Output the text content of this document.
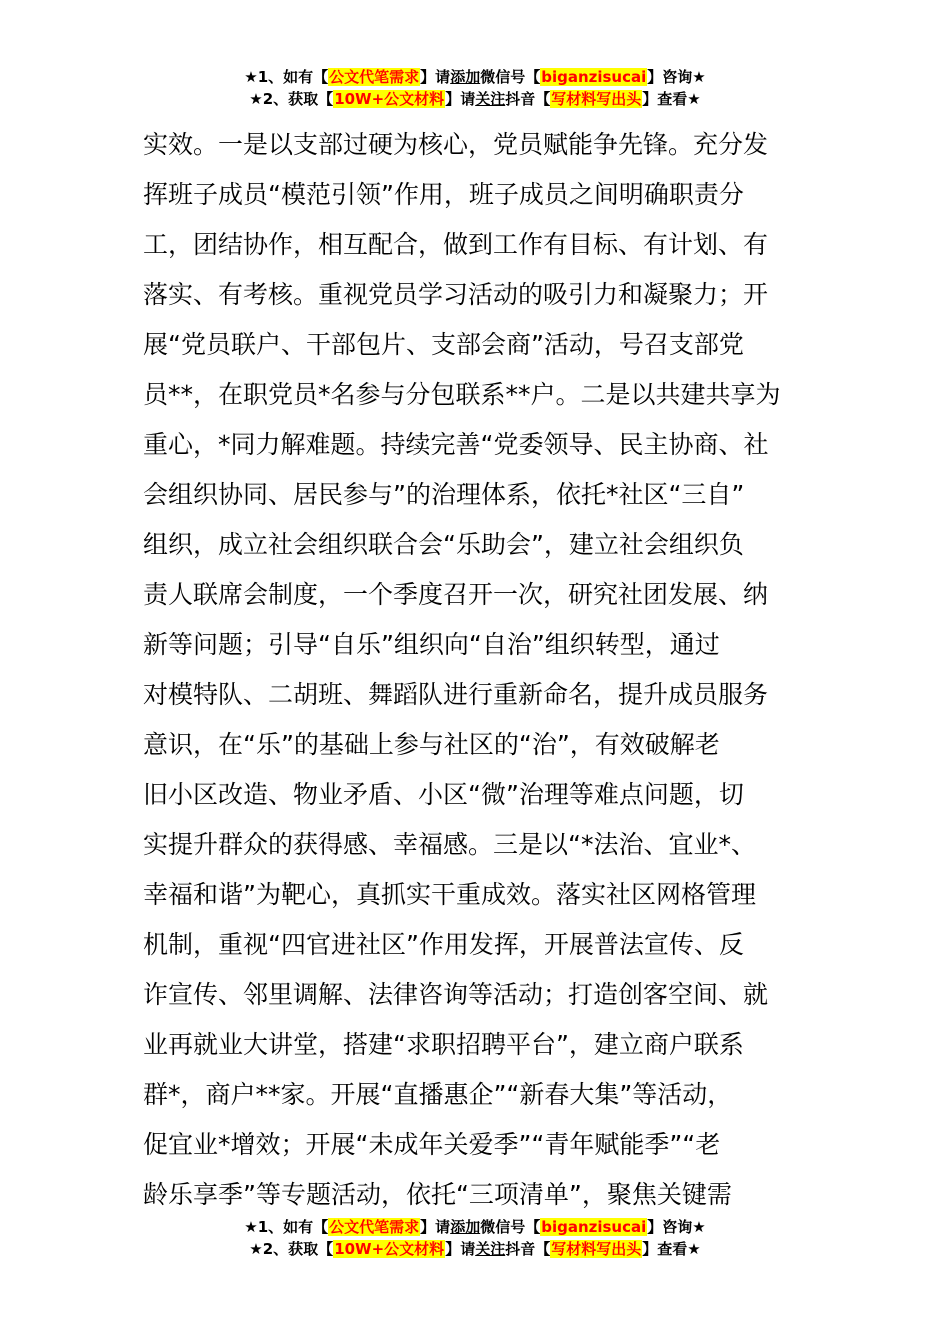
★1、如有【公文代笔需求】请添加微信号【biganzisucai】咨询★
★2、获取【10W+公文材料】请关注抖音【写材料写出头】查看★
实效。一是以支部过硬为核心，党员赋能争先锋。充分发
挥班子成员“模范引领”作用，班子成员之间明确职责分
工，团结协作，相互配合，做到工作有目标、有计划、有
落实、有考核。重视党员学习活动的吸引力和凝聚力；开
展“党员联户、干部包片、支部会商”活动，号召支部党
员**，在职党员*名参与分包联系**户。二是以共建共享为
重心，*同力解难题。持续完善“党委领导、民主协商、社
会组织协同、居民参与”的治理体系，依托*社区“三自”
组织，成立社会组织联合会“乐助会”，建立社会组织负
责人联席会制度，一个季度召开一次，研究社团发展、纳
新等问题；引导“自乐”组织向“自治”组织转型，通过
对模特队、二胡班、舞蹈队进行重新命名，提升成员服务
意识，在“乐”的基础上参与社区的“治”，有效破解老
旧小区改造、物业矛盾、小区“微”治理等难点问题，切
实提升群众的获得感、幸福感。三是以“*法治、宜业*、
幸福和谐”为靶心，真抓实干重成效。落实社区网格管理
机制，重视“四官进社区”作用发挥，开展普法宣传、反
诈宣传、邻里调解、法律咨询等活动；打造创客空间、就
业再就业大讲堂，搭建“求职招聘平台”，建立商户联系
群*，商户**家。开展“直播惠企”“新春大集”等活动，
促宜业*增效；开展“未成年关爱季”“青年赋能季”“老
龄乐享季”等专题活动，依托“三项清单”，聚焦关键需
★1、如有【公文代笔需求】请添加微信号【biganzisucai】咨询★
★2、获取【10W+公文材料】请关注抖音【写材料写出头】查看★
